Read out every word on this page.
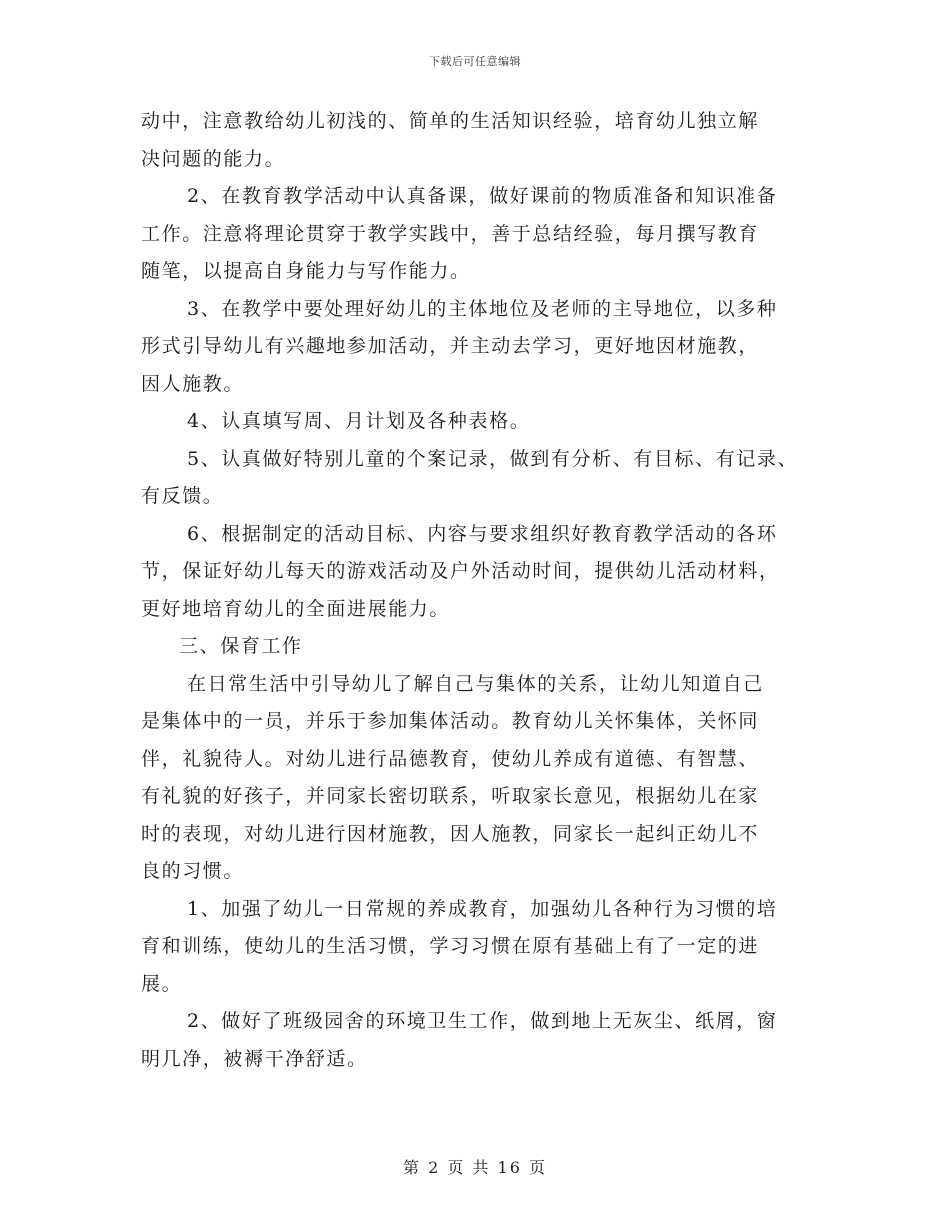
下载后可任意编辑
动中，注意教给幼儿初浅的、简单的生活知识经验，培育幼儿独立解
决问题的能力。
2、在教育教学活动中认真备课，做好课前的物质准备和知识准备
工作。注意将理论贯穿于教学实践中，善于总结经验，每月撰写教育
随笔，以提高自身能力与写作能力。
3、在教学中要处理好幼儿的主体地位及老师的主导地位，以多种
形式引导幼儿有兴趣地参加活动，并主动去学习，更好地因材施教，
因人施教。
4、认真填写周、月计划及各种表格。
5、认真做好特别儿童的个案记录，做到有分析、有目标、有记录、
有反馈。
6、根据制定的活动目标、内容与要求组织好教育教学活动的各环
节，保证好幼儿每天的游戏活动及户外活动时间，提供幼儿活动材料，
更好地培育幼儿的全面进展能力。
三、保育工作
在日常生活中引导幼儿了解自己与集体的关系，让幼儿知道自己
是集体中的一员，并乐于参加集体活动。教育幼儿关怀集体，关怀同
伴，礼貌待人。对幼儿进行品德教育，使幼儿养成有道德、有智慧、
有礼貌的好孩子，并同家长密切联系，听取家长意见，根据幼儿在家
时的表现，对幼儿进行因材施教，因人施教，同家长一起纠正幼儿不
良的习惯。
1、加强了幼儿一日常规的养成教育，加强幼儿各种行为习惯的培
育和训练，使幼儿的生活习惯，学习习惯在原有基础上有了一定的进
展。
2、做好了班级园舍的环境卫生工作，做到地上无灰尘、纸屑，窗
明几净，被褥干净舒适。
第 2 页 共 16 页
